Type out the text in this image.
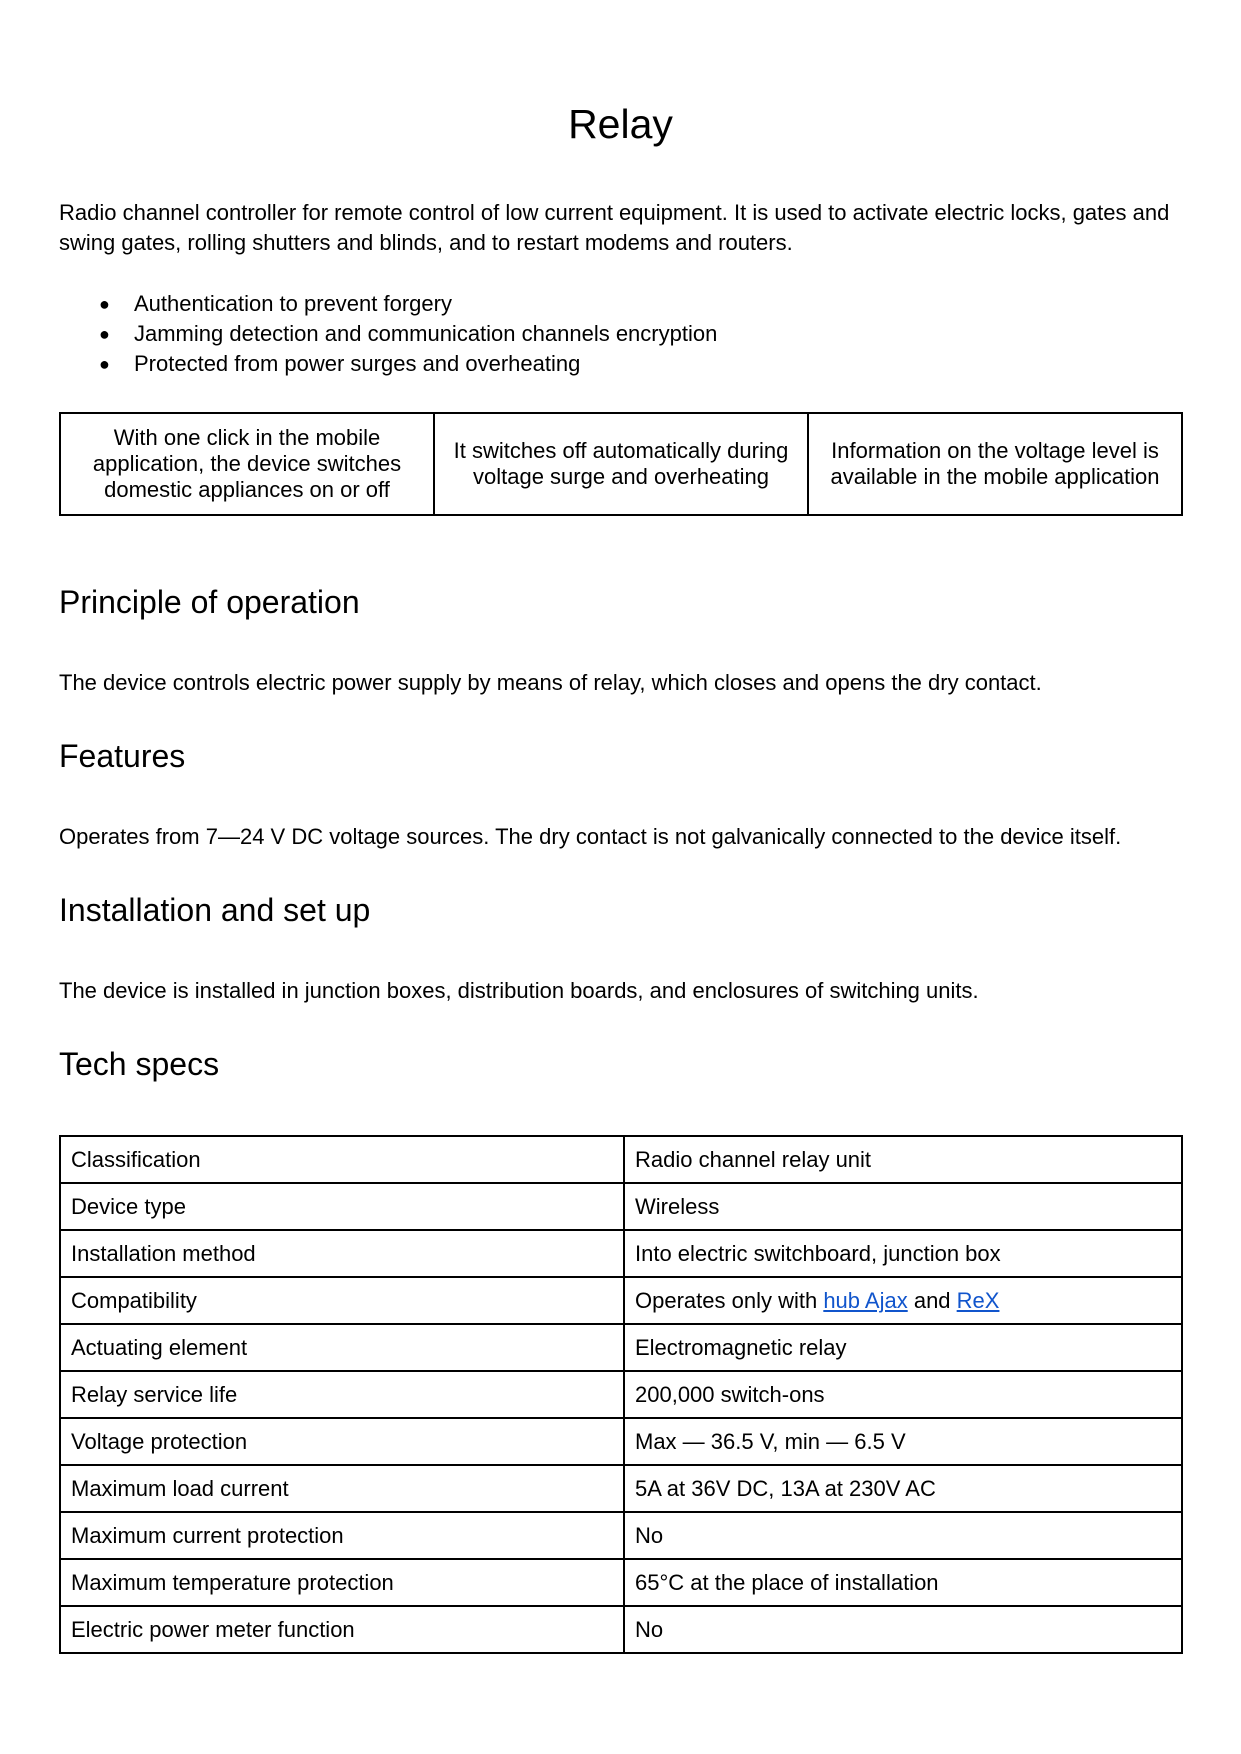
Relay

Radio channel controller for remote control of low current equipment. It is used to activate electric locks, gates and swing gates, rolling shutters and blinds, and to restart modems and routers.

● Authentication to prevent forgery
● Jamming detection and communication channels encryption
● Protected from power surges and overheating
With one click in the mobile application, the device switches domestic appliances on or off	It switches off automatically during voltage surge and overheating	Information on the voltage level is available in the mobile application
Principle of operation

The device controls electric power supply by means of relay, which closes and opens the dry contact.

Features

Operates from 7—24 V DC voltage sources. The dry contact is not galvanically connected to the device itself.

Installation and set up

The device is installed in junction boxes, distribution boards, and enclosures of switching units.

Tech specs
Classification	Radio channel relay unit
Device type	Wireless
Installation method	Into electric switchboard, junction box
Compatibility	Operates only with hub Ajax and ReX
Actuating element	Electromagnetic relay
Relay service life	200,000 switch-ons
Voltage protection	Max — 36.5 V, min — 6.5 V
Maximum load current	5A at 36V DC, 13A at 230V AC
Maximum current protection	No
Maximum temperature protection	65°C at the place of installation
Electric power meter function	No
